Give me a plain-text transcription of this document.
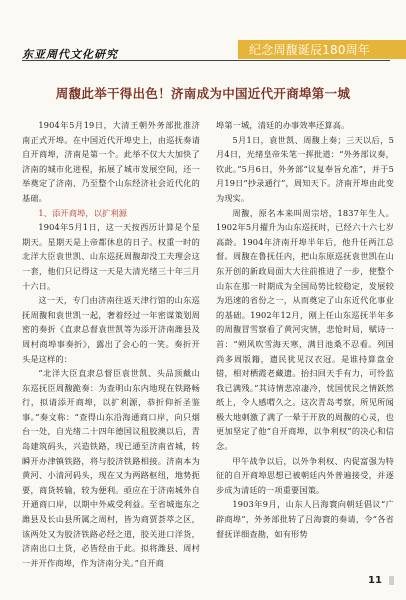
东亚周代文化研究	纪念周馥诞辰180周年
周馥此举干得出色！济南成为中国近代开商埠第一城

1904年5月19日，大清王朝外务部批准济南正式开埠。在中国近代开埠史上，由巡抚奏请自开商埠，济南是第一个。此举不仅大大加快了济南的城市化进程，拓展了城市发展空间，还一举奠定了济南、乃至整个山东经济社会近代化的基础。

1、添开商埠，以扩利源

1904年5月1日，这一天按西历计算是个星期天。星期天是上帝都休息的日子。权重一时的北洋大臣袁世凯、山东巡抚周馥却没工夫理会这一套，他们只记得这一天是大清光绪三十年三月十六日。

这一天，专门由济南往返天津行馆的山东巡抚周馥和袁世凯一起，奢着经过一年密谋策划周密的奏折《直隶总督袁世凯等为添开济南潍县及周村商埠事奏折》，露出了会心的一笑。奏折开头是这样的：

“北洋大臣直隶总督臣袁世凯、头品顶戴山东巡抚臣周馥跪奏：为查明山东内地现在铁路畅行，拟请添开商埠，以扩利源，恭折仰祈圣鉴事。”奏文称：“查得山东沿海通商口岸，向只烟台一处，自光绪二十四年德国议租胶澳以后，青岛建筑码头，兴造铁路，现已通至济南省城，转瞬开办津镇铁路，将与胶济铁路相接。济南本为黄河、小清河码头，现在又为两路枢纽，地势扼要，商货转输，较为便利。亟应在于济南城外自开通商口岸，以期中外咸受利益。至省城迤东之潍县及长山县所属之周村，皆为商贾荟萃之区，该两处又为胶济铁路必经之道，胶关进口洋货，济南出口土货，必皆经由于此。拟将潍县、周村一并开作商埠，作为济南分关。”自开商

埠第一城，清廷的办事效率还算高。

5月1日，袁世凯、周馥上奏；三天以后，5月4日，光绪皇帝朱笔一挥批道：“外务部议奏，钦此。”5月6日，外务部“议复奉旨允准”，并于5月19日“抄录通行”，周知天下。济南开埠由此变为现实。

周馥，原名本来叫周宗培，1837年生人。1902年5月擢升为山东巡抚时，已经六十六七岁高龄。1904年济南开埠半年后，他升任两江总督。周馥在鲁抚任内，把山东原巡抚袁世凯在山东开创的新政局面大大往前推进了一步，使整个山东在那一时期成为全国局势比较稳定，发展较为迅速的省份之一，从而奠定了山东近代化事业的基础。1902年12月，刚上任山东巡抚半年多的周馥冒雪察看了黄河灾情，悲怆时局，赋诗一首：“朔风吹雪海天寒，满目池桑不忍看。列国尚多周版籍，遗民犹见汉衣冠。是谁持算盘金错，相对栖霞老藏遗。抬扫回天手有力，可怜监我已满残。”其诗情悲凉凄冷，忧国忧民之情跃然纸上，令人感喟久之。这次青岛考察，所见所闻极大地刺激了满了一晕于开放的周馥的心灵，也更加坚定了他“自开商埠，以争利权”的决心和信念。

甲午战争以后，以外争利权、内促富强为特征的自开商埠思想已被朝廷内外普遍接受，并逐步成为清廷的一项重要国策。

1903年9月，山东人吕海寰向朝廷倡议“广辟商埠”，外务部批转了吕海寰的奏请，令“各省督抚详细查勘，如有形势

11
